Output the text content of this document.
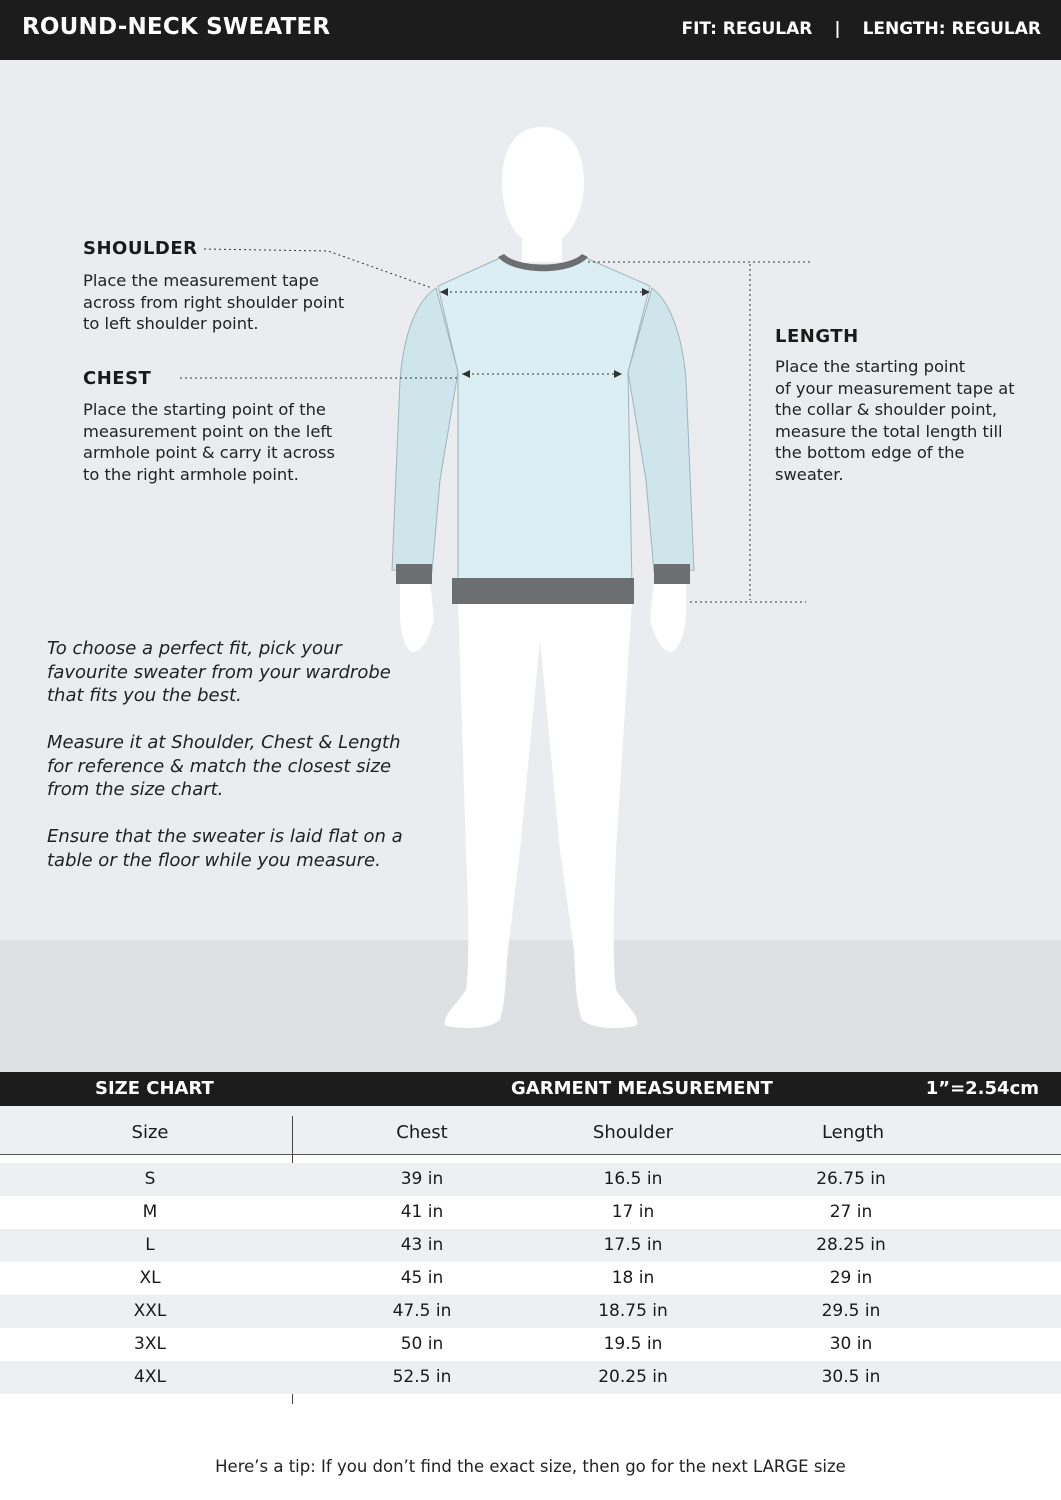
ROUND-NECK SWEATER	FIT: REGULAR | LENGTH: REGULAR
SHOULDER
Place the measurement tape
across from right shoulder point
to left shoulder point.
CHEST
Place the starting point of the
measurement point on the left
armhole point & carry it across
to the right armhole point.
LENGTH
Place the starting point
of your measurement tape at
the collar & shoulder point,
measure the total length till
the bottom edge of the
sweater.

To choose a perfect fit, pick your favourite sweater from your wardrobe that fits you the best.

Measure it at Shoulder, Chest & Length for reference & match the closest size from the size chart.

Ensure that the sweater is laid flat on a table or the floor while you measure.

SIZE CHART	GARMENT MEASUREMENT	1”=2.54cm
Size	Chest	Shoulder	Length
S	39 in	16.5 in	26.75 in
M	41 in	17 in	27 in
L	43 in	17.5 in	28.25 in
XL	45 in	18 in	29 in
XXL	47.5 in	18.75 in	29.5 in
3XL	50 in	19.5 in	30 in
4XL	52.5 in	20.25 in	30.5 in
Here’s a tip: If you don’t find the exact size, then go for the next LARGE size
